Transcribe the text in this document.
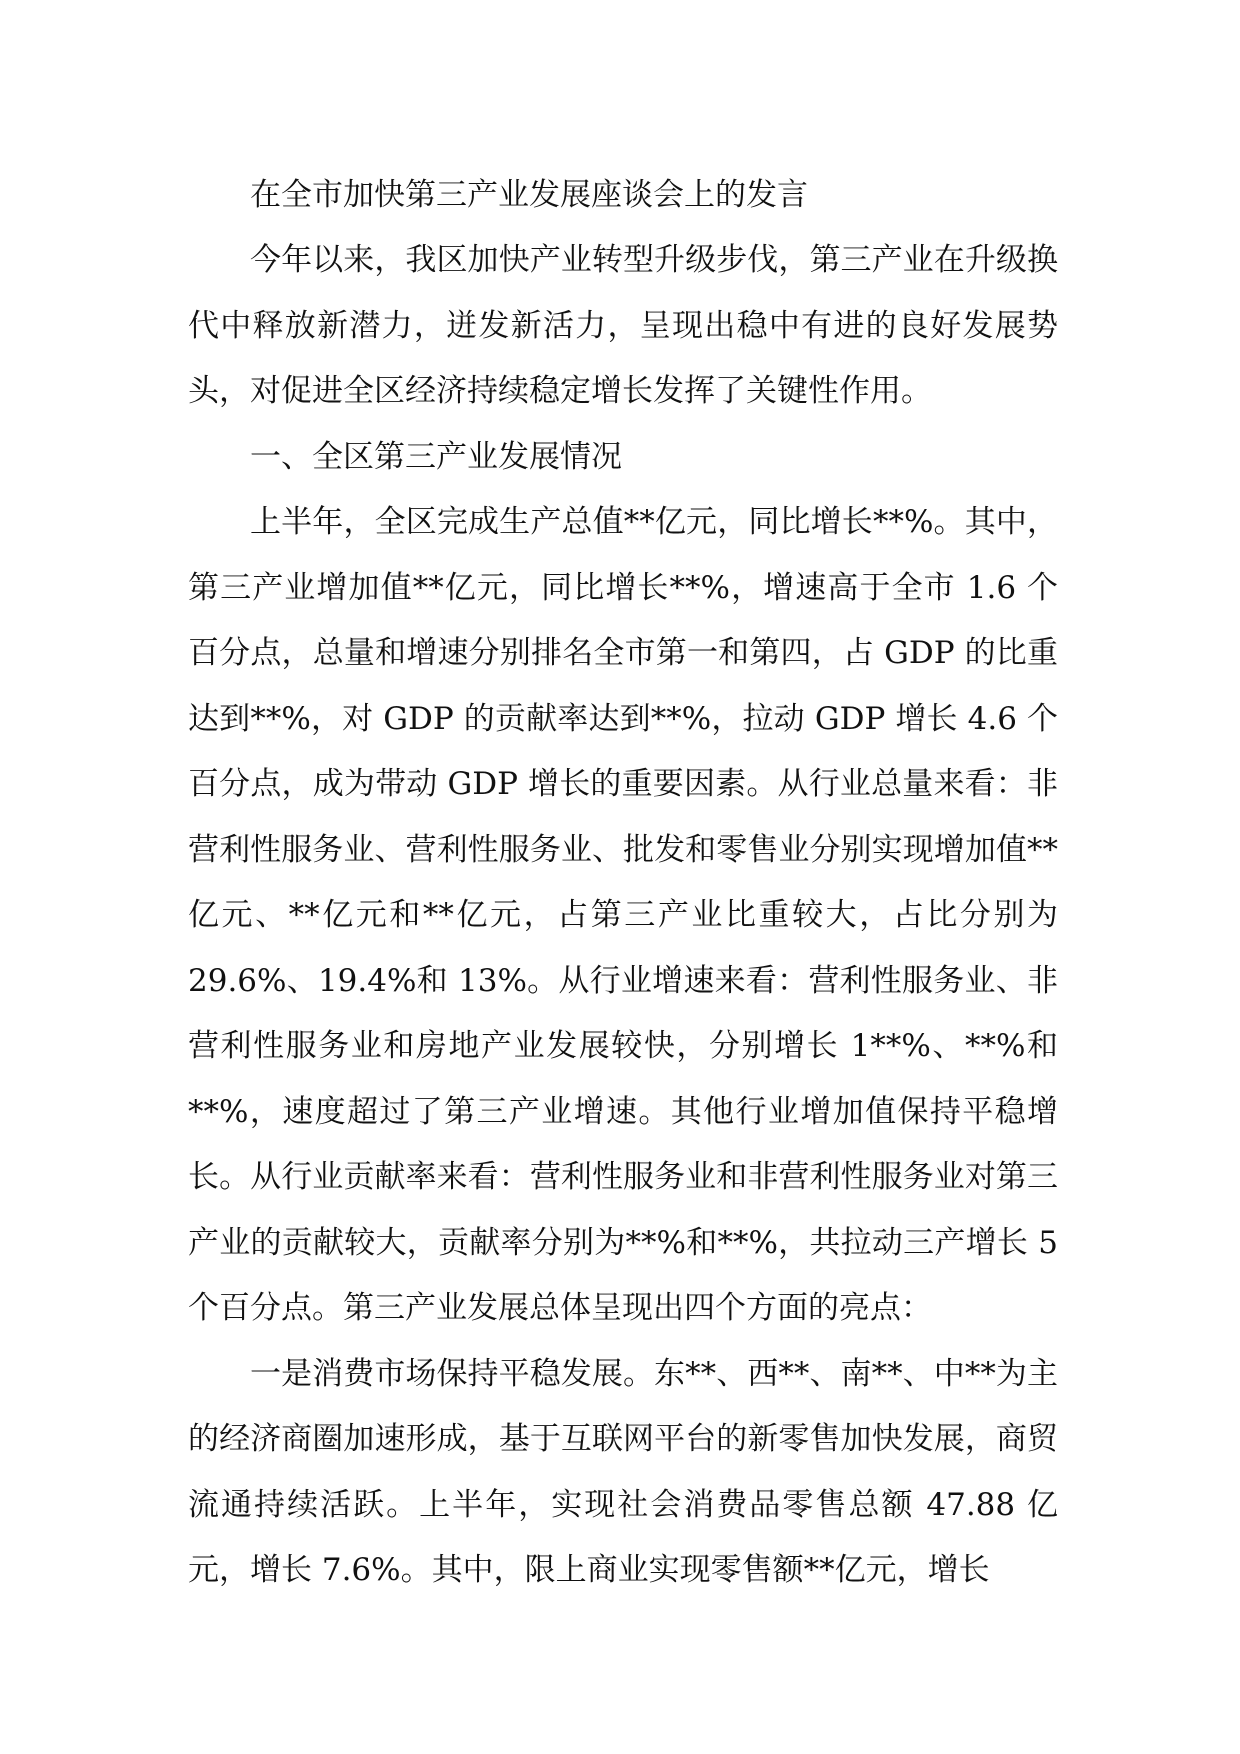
在全市加快第三产业发展座谈会上的发言

今年以来，我区加快产业转型升级步伐，第三产业在升级换代中释放新潜力，迸发新活力，呈现出稳中有进的良好发展势头，对促进全区经济持续稳定增长发挥了关键性作用。

一、全区第三产业发展情况

上半年，全区完成生产总值**亿元，同比增长**%。其中，第三产业增加值**亿元，同比增长**%，增速高于全市 1.6 个百分点，总量和增速分别排名全市第一和第四，占 GDP 的比重达到**%，对 GDP 的贡献率达到**%，拉动 GDP 增长 4.6 个百分点，成为带动 GDP 增长的重要因素。从行业总量来看：非营利性服务业、营利性服务业、批发和零售业分别实现增加值**亿元、**亿元和**亿元，占第三产业比重较大，占比分别为 29.6%、19.4%和 13%。从行业增速来看：营利性服务业、非营利性服务业和房地产业发展较快，分别增长 1**%、**%和**%，速度超过了第三产业增速。其他行业增加值保持平稳增长。从行业贡献率来看：营利性服务业和非营利性服务业对第三产业的贡献较大，贡献率分别为**%和**%，共拉动三产增长 5 个百分点。第三产业发展总体呈现出四个方面的亮点：

一是消费市场保持平稳发展。东**、西**、南**、中**为主的经济商圈加速形成，基于互联网平台的新零售加快发展，商贸流通持续活跃。上半年，实现社会消费品零售总额 47.88 亿元，增长 7.6%。其中，限上商业实现零售额**亿元，增长
